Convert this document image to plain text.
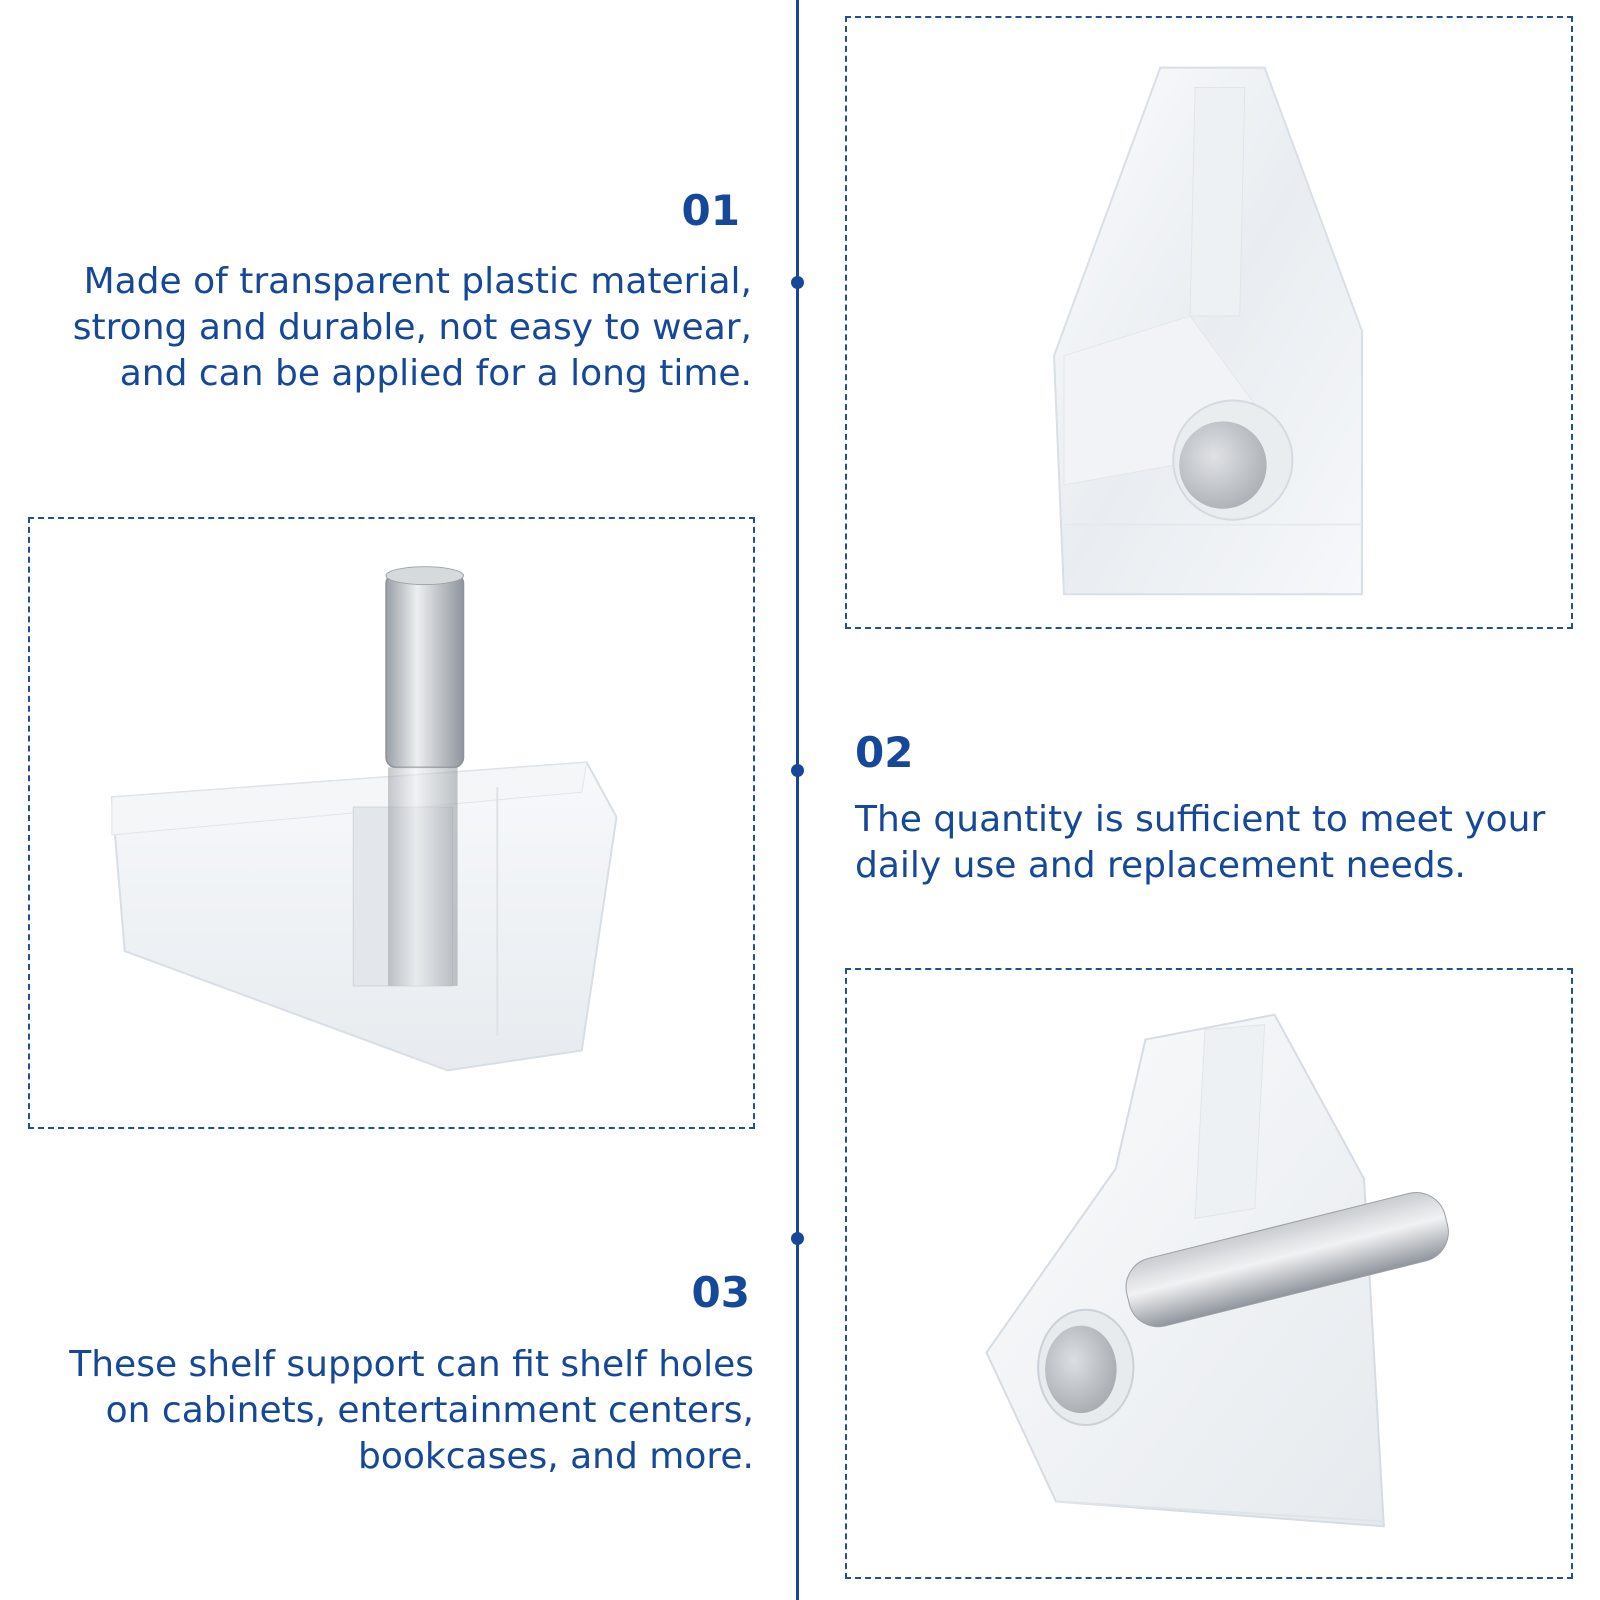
01

Made of transparent plastic material,
strong and durable, not easy to wear,
and can be applied for a long time.

02

The quantity is sufficient to meet your
daily use and replacement needs.

03

These shelf support can fit shelf holes
on cabinets, entertainment centers,
bookcases, and more.
